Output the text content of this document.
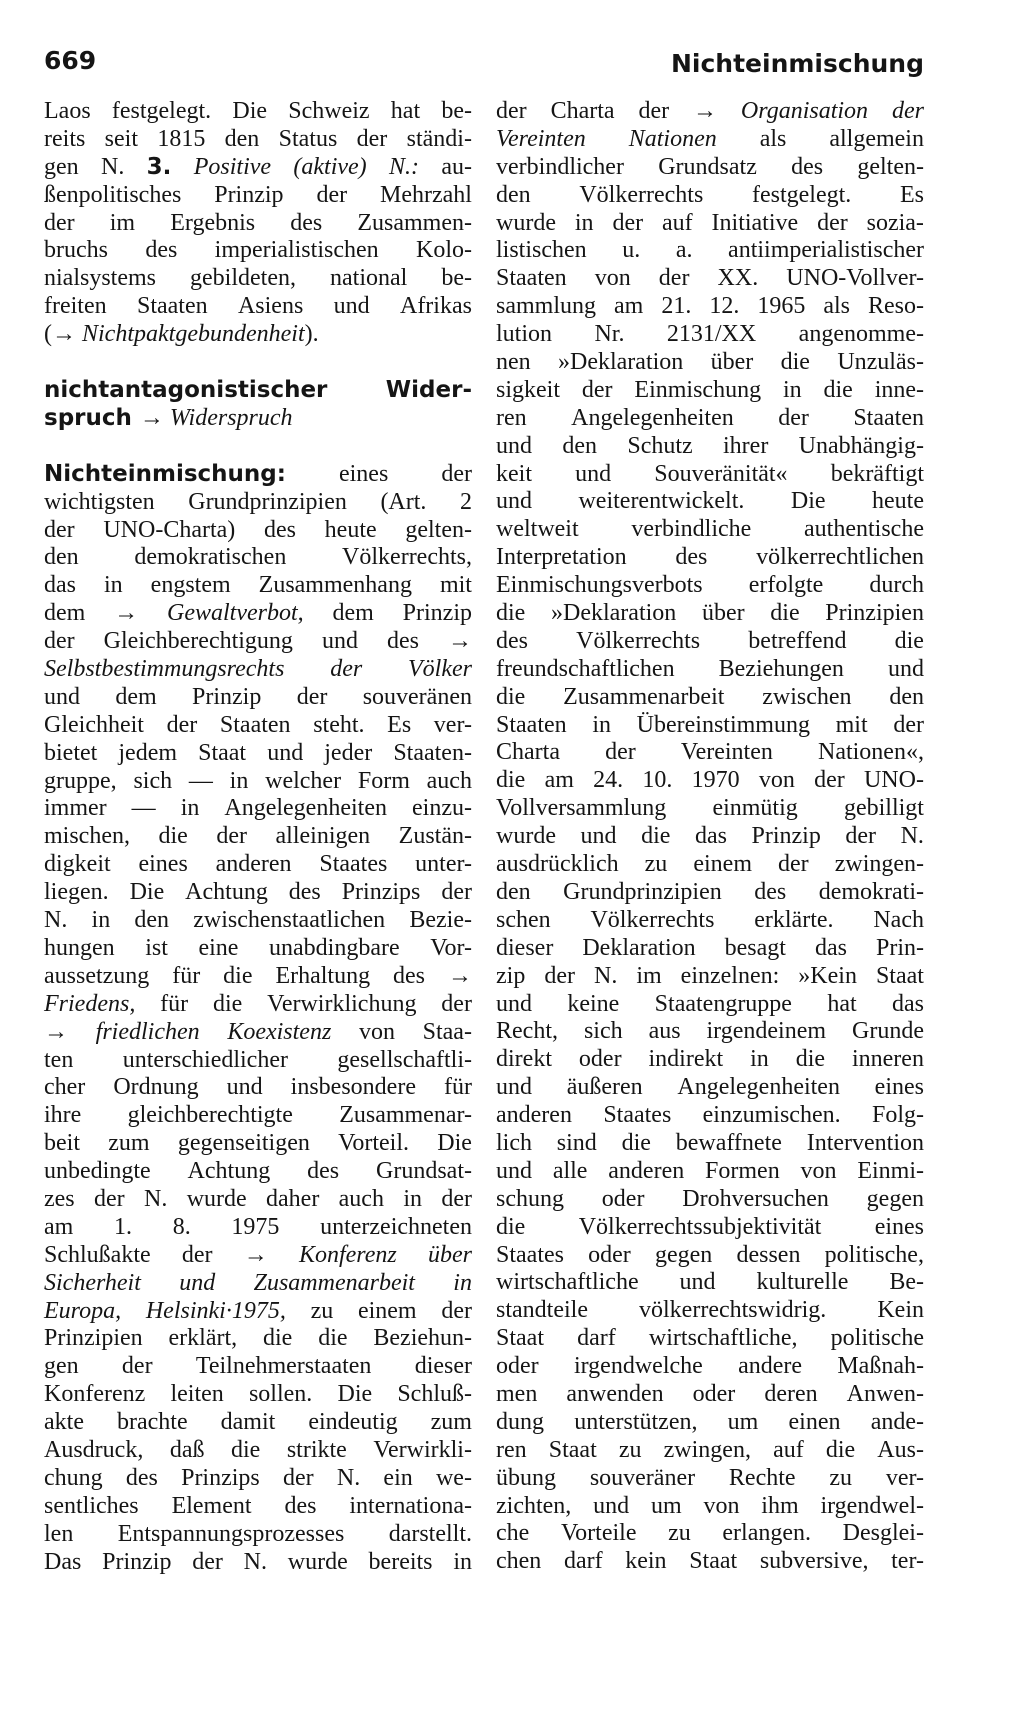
669	Nichteinmischung
Laos festgelegt. Die Schweiz hat be-
reits seit 1815 den Status der ständi-
gen N. 3. Positive (aktive) N.: au-
ßenpolitisches Prinzip der Mehrzahl
der im Ergebnis des Zusammen-
bruchs des imperialistischen Kolo-
nialsystems gebildeten, national be-
freiten Staaten Asiens und Afrikas
(→ Nichtpaktgebundenheit ).
nichtantagonistischer	Wider-
spruch → Widerspruch
Nichteinmischung: eines der
wichtigsten Grundprinzipien (Art. 2
der UNO-Charta) des heute gelten-
den demokratischen Völkerrechts,
das in engstem Zusammenhang mit
dem → Gewaltverbot, dem Prinzip
der Gleichberechtigung und des →
Selbstbestimmungsrechts der Völker
und dem Prinzip der souveränen
Gleichheit der Staaten steht. Es ver-
bietet jedem Staat und jeder Staaten-
gruppe, sich — in welcher Form auch
immer — in Angelegenheiten einzu-
mischen, die der alleinigen Zustän-
digkeit eines anderen Staates unter-
liegen. Die Achtung des Prinzips der
N. in den zwischenstaatlichen Bezie-
hungen ist eine unabdingbare Vor-
aussetzung für die Erhaltung des →
Friedens, für die Verwirklichung der
→ friedlichen Koexistenz von Staa-
ten unterschiedlicher gesellschaftli-
cher Ordnung und insbesondere für
ihre gleichberechtigte Zusammenar-
beit zum gegenseitigen Vorteil. Die
unbedingte Achtung des Grundsat-
zes der N. wurde daher auch in der
am 1. 8. 1975 unterzeichneten
Schlußakte der → Konferenz über
Sicherheit und Zusammenarbeit in
Europa, Helsinki·1975, zu einem der
Prinzipien erklärt, die die Beziehun-
gen der Teilnehmerstaaten dieser
Konferenz leiten sollen. Die Schluß-
akte brachte damit eindeutig zum
Ausdruck, daß die strikte Verwirkli-
chung des Prinzips der N. ein we-
sentliches Element des internationa-
len Entspannungsprozesses darstellt.
Das Prinzip der N. wurde bereits in
der Charta der → Organisation der
Vereinten Nationen als allgemein
verbindlicher Grundsatz des gelten-
den Völkerrechts festgelegt. Es
wurde in der auf Initiative der sozia-
listischen u. a. antiimperialistischer
Staaten von der XX. UNO-Vollver-
sammlung am 21. 12. 1965 als Reso-
lution Nr. 2131/XX angenomme-
nen »Deklaration über die Unzuläs-
sigkeit der Einmischung in die inne-
ren Angelegenheiten der Staaten
und den Schutz ihrer Unabhängig-
keit und Souveränität« bekräftigt
und weiterentwickelt. Die heute
weltweit verbindliche authentische
Interpretation des völkerrechtlichen
Einmischungsverbots erfolgte durch
die »Deklaration über die Prinzipien
des Völkerrechts betreffend die
freundschaftlichen Beziehungen und
die Zusammenarbeit zwischen den
Staaten in Übereinstimmung mit der
Charta der Vereinten Nationen«,
die am 24. 10. 1970 von der UNO-
Vollversammlung einmütig gebilligt
wurde und die das Prinzip der N.
ausdrücklich zu einem der zwingen-
den Grundprinzipien des demokrati-
schen Völkerrechts erklärte. Nach
dieser Deklaration besagt das Prin-
zip der N. im einzelnen: »Kein Staat
und keine Staatengruppe hat das
Recht, sich aus irgendeinem Grunde
direkt oder indirekt in die inneren
und äußeren Angelegenheiten eines
anderen Staates einzumischen. Folg-
lich sind die bewaffnete Intervention
und alle anderen Formen von Einmi-
schung oder Drohversuchen gegen
die Völkerrechtssubjektivität eines
Staates oder gegen dessen politische,
wirtschaftliche und kulturelle Be-
standteile völkerrechtswidrig. Kein
Staat darf wirtschaftliche, politische
oder irgendwelche andere Maßnah-
men anwenden oder deren Anwen-
dung unterstützen, um einen ande-
ren Staat zu zwingen, auf die Aus-
übung souveräner Rechte zu ver-
zichten, und um von ihm irgendwel-
che Vorteile zu erlangen. Desglei-
chen darf kein Staat subversive, ter-
